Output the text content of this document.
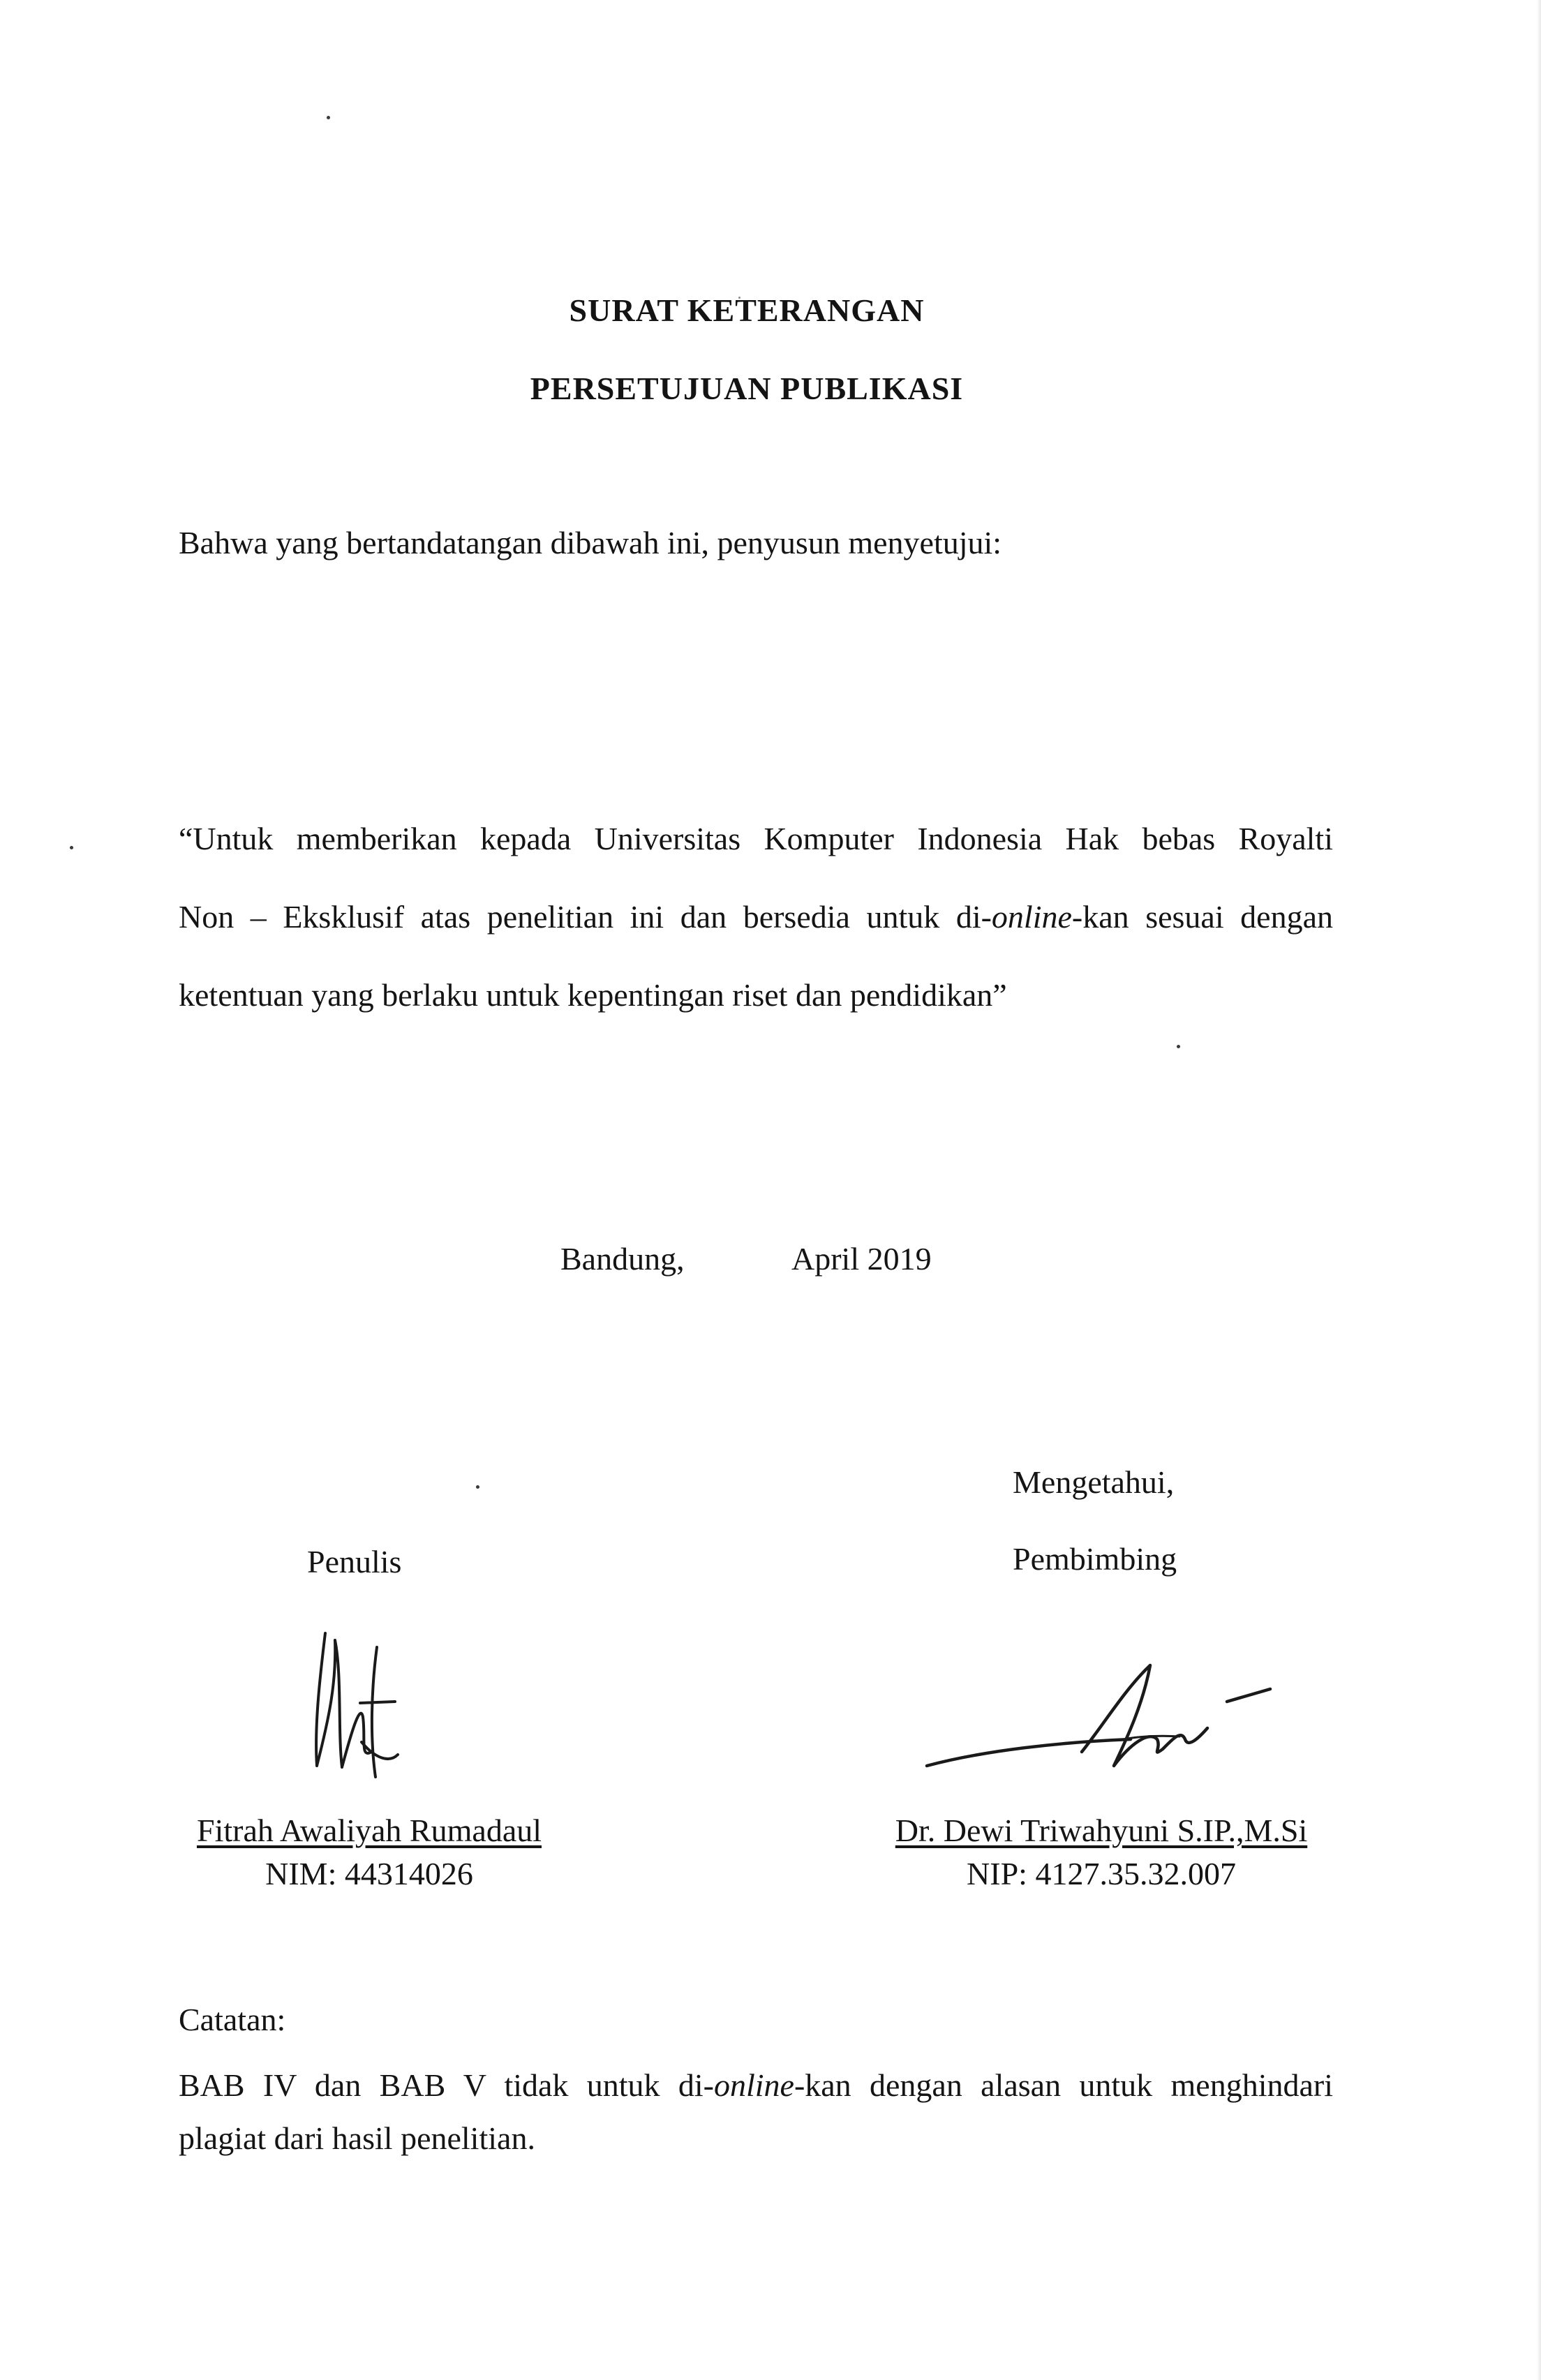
SURAT KETERANGAN
PERSETUJUAN PUBLIKASI
Bahwa yang bertandatangan dibawah ini, penyusun menyetujui:
“Untuk memberikan kepada Universitas Komputer Indonesia Hak bebas Royalti
Non – Eksklusif atas penelitian ini dan bersedia untuk di-online-kan sesuai dengan
ketentuan yang berlaku untuk kepentingan riset dan pendidikan”
Bandung,	April 2019
Mengetahui,
Pembimbing
Penulis
Fitrah Awaliyah Rumadaul
NIM: 44314026
Dr. Dewi Triwahyuni S.IP.,M.Si
NIP: 4127.35.32.007
Catatan:
BAB IV dan BAB V tidak untuk di-online-kan dengan alasan untuk menghindari
plagiat dari hasil penelitian.
